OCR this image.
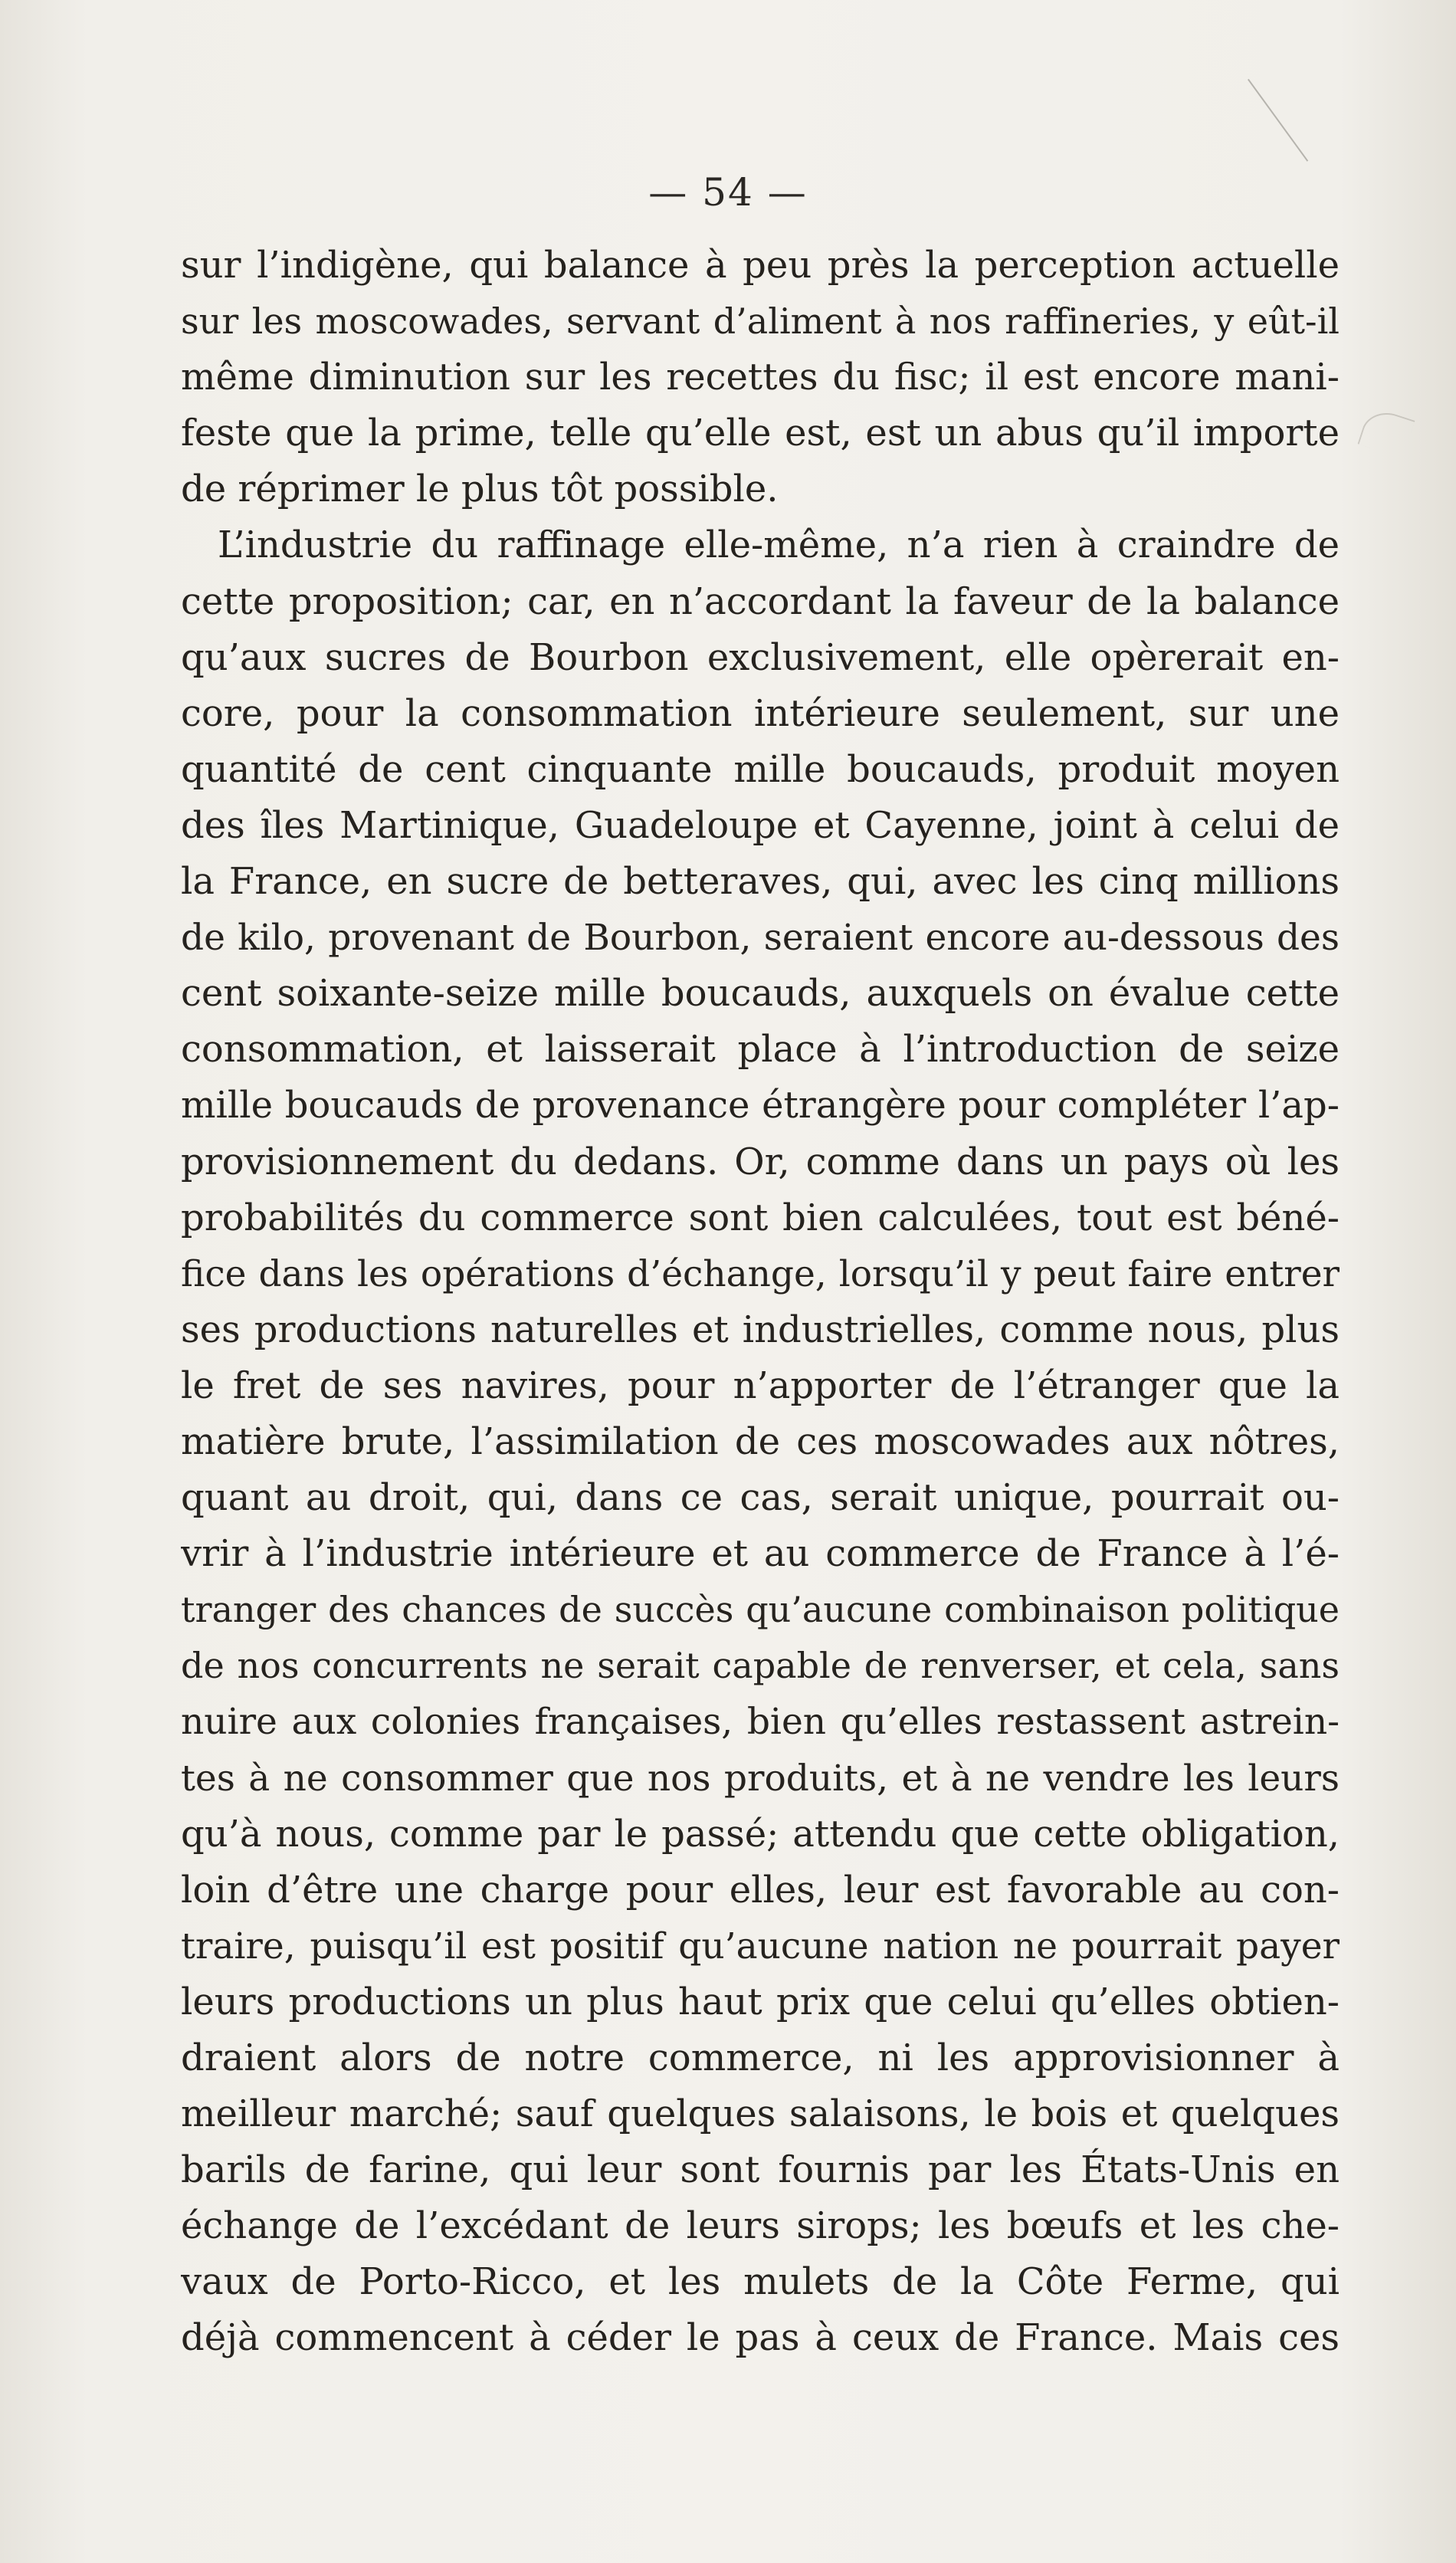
— 54 —
sur l’indigène, qui balance à peu près la perception actuelle
sur les moscowades, servant d’aliment à nos raffineries, y eût-il
même diminution sur les recettes du fisc; il est encore mani-
feste que la prime, telle qu’elle est, est un abus qu’il importe
de réprimer le plus tôt possible.
L’industrie du raffinage elle-même, n’a rien à craindre de
cette proposition; car, en n’accordant la faveur de la balance
qu’aux sucres de Bourbon exclusivement, elle opèrerait en-
core, pour la consommation intérieure seulement, sur une
quantité de cent cinquante mille boucauds, produit moyen
des îles Martinique, Guadeloupe et Cayenne, joint à celui de
la France, en sucre de betteraves, qui, avec les cinq millions
de kilo, provenant de Bourbon, seraient encore au-dessous des
cent soixante-seize mille boucauds, auxquels on évalue cette
consommation, et laisserait place à l’introduction de seize
mille boucauds de provenance étrangère pour compléter l’ap-
provisionnement du dedans. Or, comme dans un pays où les
probabilités du commerce sont bien calculées, tout est béné-
fice dans les opérations d’échange, lorsqu’il y peut faire entrer
ses productions naturelles et industrielles, comme nous, plus
le fret de ses navires, pour n’apporter de l’étranger que la
matière brute, l’assimilation de ces moscowades aux nôtres,
quant au droit, qui, dans ce cas, serait unique, pourrait ou-
vrir à l’industrie intérieure et au commerce de France à l’é-
tranger des chances de succès qu’aucune combinaison politique
de nos concurrents ne serait capable de renverser, et cela, sans
nuire aux colonies françaises, bien qu’elles restassent astrein-
tes à ne consommer que nos produits, et à ne vendre les leurs
qu’à nous, comme par le passé; attendu que cette obligation,
loin d’être une charge pour elles, leur est favorable au con-
traire, puisqu’il est positif qu’aucune nation ne pourrait payer
leurs productions un plus haut prix que celui qu’elles obtien-
draient alors de notre commerce, ni les approvisionner à
meilleur marché; sauf quelques salaisons, le bois et quelques
barils de farine, qui leur sont fournis par les États-Unis en
échange de l’excédant de leurs sirops; les bœufs et les che-
vaux de Porto-Ricco, et les mulets de la Côte Ferme, qui
déjà commencent à céder le pas à ceux de France. Mais ces
